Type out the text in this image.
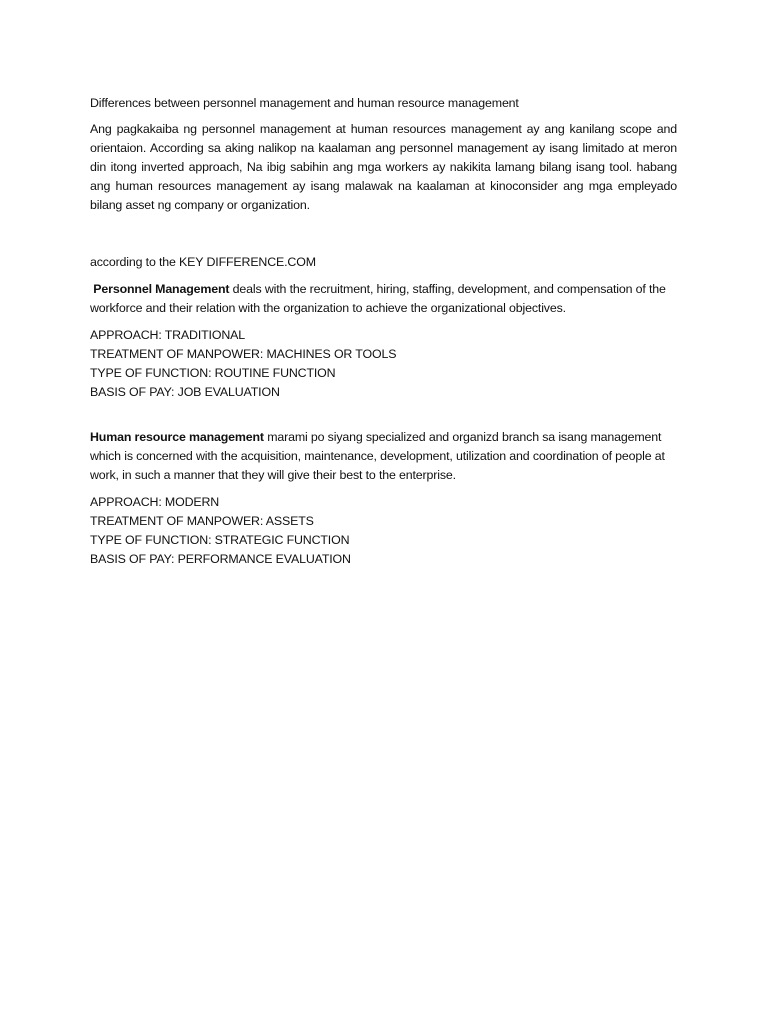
Differences between personnel management and human resource management

Ang pagkakaiba ng personnel management at human resources management ay ang kanilang scope and orientaion. According sa aking nalikop na kaalaman ang personnel management ay isang limitado at meron din itong inverted approach, Na ibig sabihin ang mga workers ay nakikita lamang bilang isang tool. habang ang human resources management ay isang malawak na kaalaman at kinoconsider ang mga empleyado bilang asset ng company or organization.

according to the KEY DIFFERENCE.COM

Personnel Management deals with the recruitment, hiring, staffing, development, and compensation of the workforce and their relation with the organization to achieve the organizational objectives.

APPROACH: TRADITIONAL
TREATMENT OF MANPOWER: MACHINES OR TOOLS
TYPE OF FUNCTION: ROUTINE FUNCTION
BASIS OF PAY: JOB EVALUATION

Human resource management marami po siyang specialized and organizd branch sa isang management which is concerned with the acquisition, maintenance, development, utilization and coordination of people at work, in such a manner that they will give their best to the enterprise.

APPROACH: MODERN
TREATMENT OF MANPOWER: ASSETS
TYPE OF FUNCTION: STRATEGIC FUNCTION
BASIS OF PAY: PERFORMANCE EVALUATION
